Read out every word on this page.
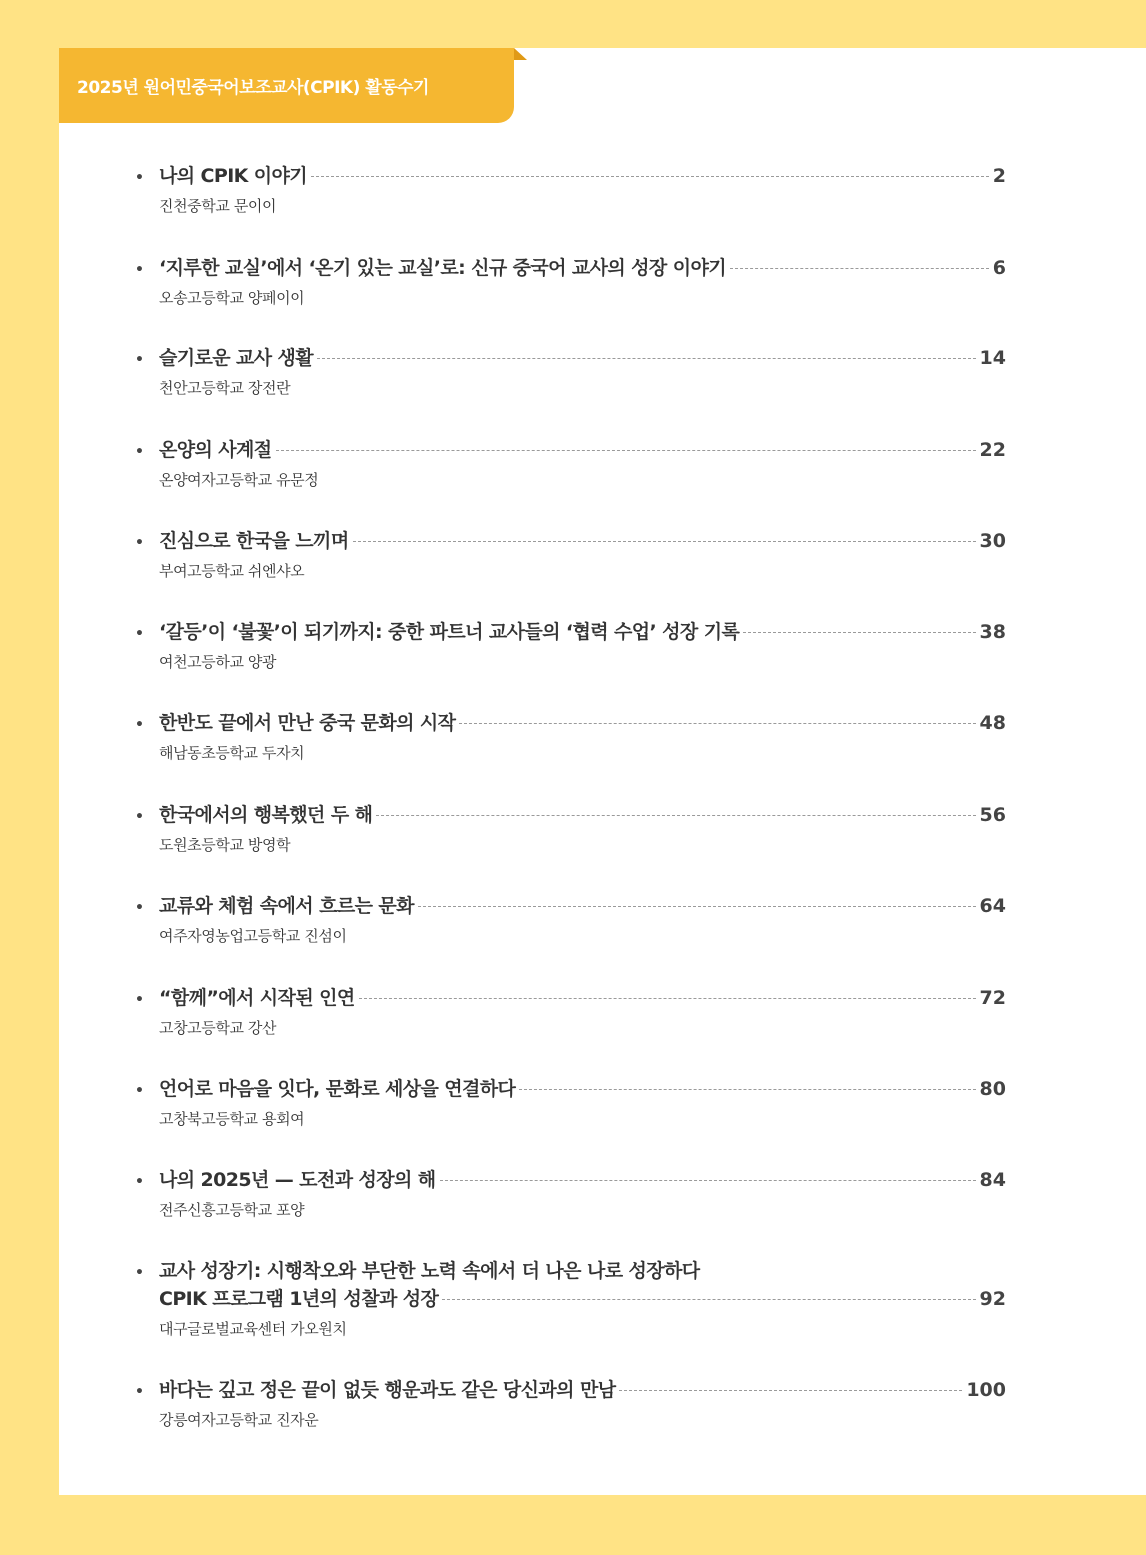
2025년 원어민중국어보조교사(CPIK) 활동수기
• 나의 CPIK 이야기	2
진천중학교 문이이
• ‘지루한 교실’에서 ‘온기 있는 교실’로: 신규 중국어 교사의 성장 이야기	6
오송고등학교 양페이이
• 슬기로운 교사 생활	14
천안고등학교 장전란
• 온양의 사계절	22
온양여자고등학교 유문정
• 진심으로 한국을 느끼며	30
부여고등학교 쉬엔샤오
• ‘갈등’이 ‘불꽃’이 되기까지: 중한 파트너 교사들의 ‘협력 수업’ 성장 기록	38
여천고등하교 양광
• 한반도 끝에서 만난 중국 문화의 시작	48
해남동초등학교 두자치
• 한국에서의 행복했던 두 해	56
도원초등학교 방영학
• 교류와 체험 속에서 흐르는 문화	64
여주자영농업고등학교 진섬이
• “함께”에서 시작된 인연	72
고창고등학교 강산
• 언어로 마음을 잇다, 문화로 세상을 연결하다	80
고창북고등학교 용회여
• 나의 2025년 — 도전과 성장의 해	84
전주신흥고등학교 포양
• 교사 성장기: 시행착오와 부단한 노력 속에서 더 나은 나로 성장하다
CPIK 프로그램 1년의 성찰과 성장	92
대구글로벌교육센터 가오원치
• 바다는 깊고 정은 끝이 없듯 행운과도 같은 당신과의 만남	100
강릉여자고등학교 진자운
